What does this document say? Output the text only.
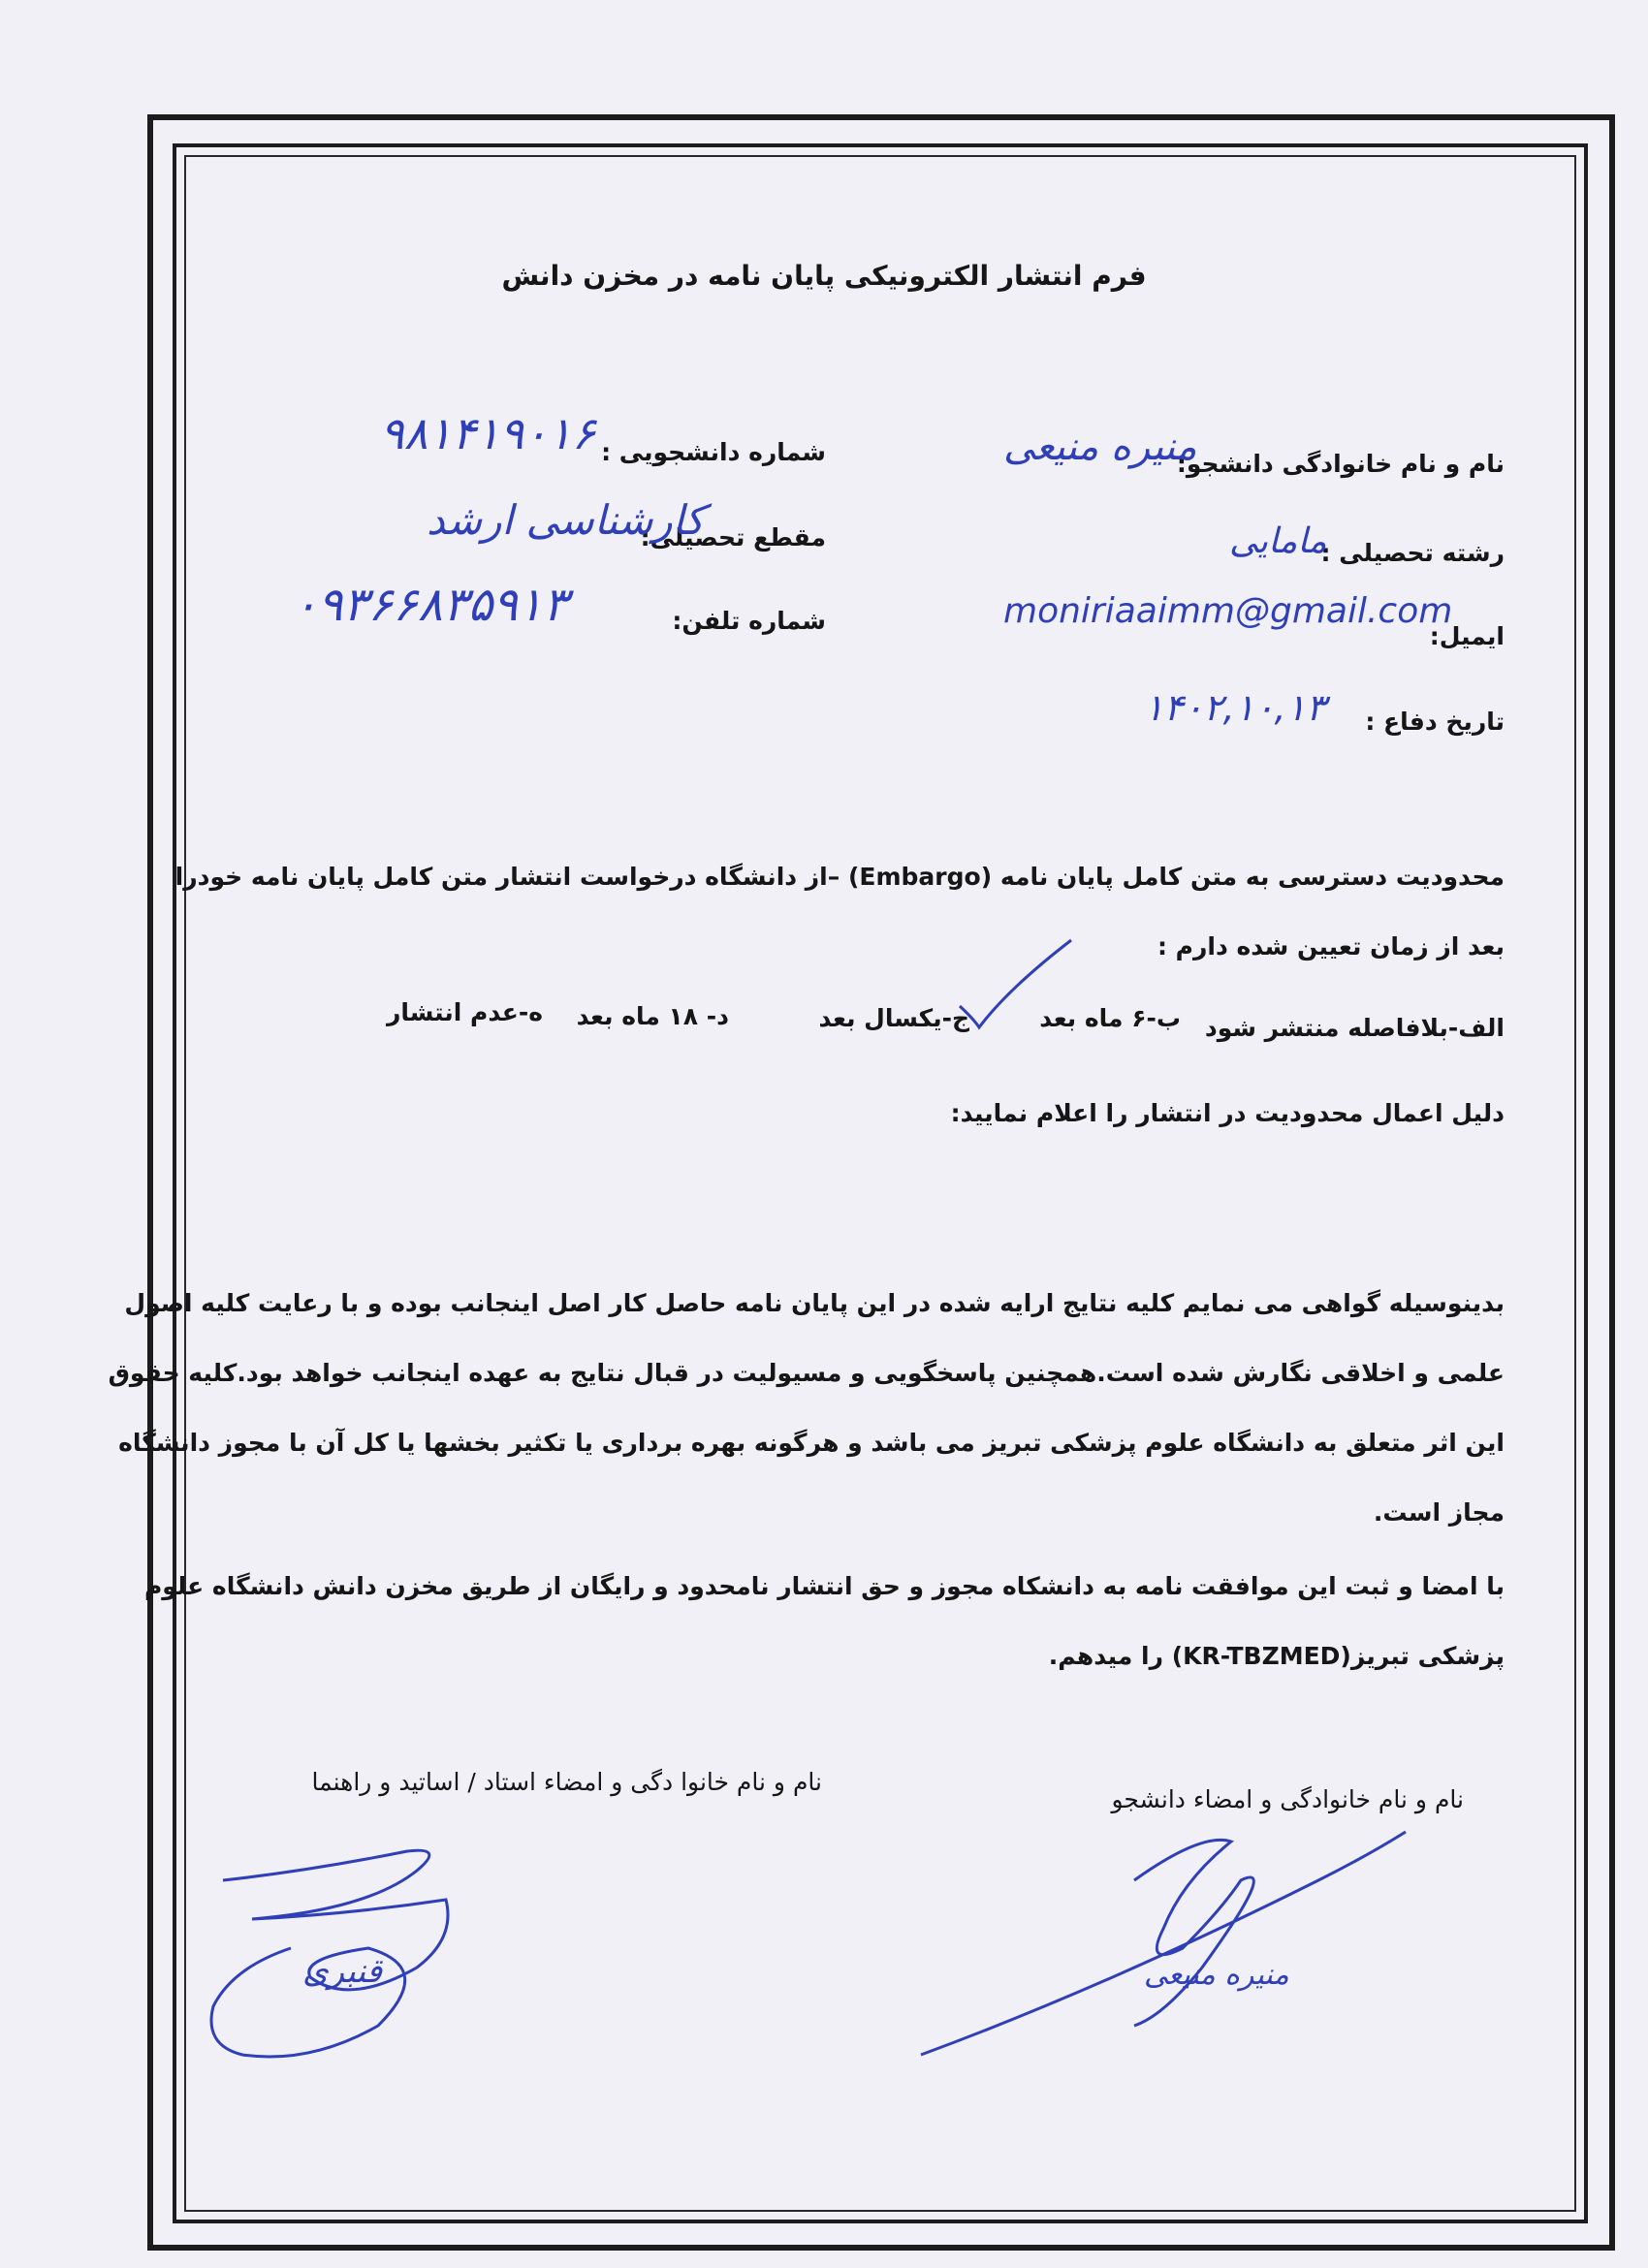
فرم انتشار الکترونیکی پایان نامه در مخزن دانش
نام و نام خانوادگی دانشجو:
منیره منیعی
رشته تحصیلی :
مامایی
ایمیل:
moniriaaimm@gmail.com
تاریخ دفاع :
۱۴۰۲,۱۰,۱۳
شماره دانشجویی :
۹۸۱۴۱۹۰۱۶
مقطع تحصیلی:
کارشناسی ارشد
شماره تلفن:
۰۹۳۶۶۸۳۵۹۱۳
محدودیت دسترسی به متن کامل پایان نامه (Embargo) –از دانشگاه درخواست انتشار متن کامل پایان نامه خودرا
بعد از زمان تعیین شده دارم :
الف-بلافاصله منتشر شود
ب-۶ ماه بعد
ج-یکسال بعد
د- ۱۸ ماه بعد
ه-عدم انتشار
دلیل اعمال محدودیت در انتشار را اعلام نمایید:
بدینوسیله گواهی می نمایم کلیه نتایج ارایه شده در این پایان نامه حاصل کار اصل اینجانب بوده و با رعایت کلیه اصول
علمی و اخلاقی نگارش شده است.همچنین پاسخگویی و مسیولیت در قبال نتایج به عهده اینجانب خواهد بود.کلیه حقوق
این اثر متعلق به دانشگاه علوم پزشکی تبریز می باشد و هرگونه بهره برداری یا تکثیر بخشها یا کل آن با مجوز دانشگاه
مجاز است.
با امضا و ثبت این موافقت نامه به دانشکاه مجوز و حق انتشار نامحدود و رایگان از طریق مخزن دانش دانشگاه علوم
پزشکی تبریز(KR-TBZMED) را میدهم.
نام و نام خانوادگی و امضاء دانشجو
نام و نام خانوا دگی و امضاء استاد / اساتید و راهنما
قنبری	منیره منیعی
